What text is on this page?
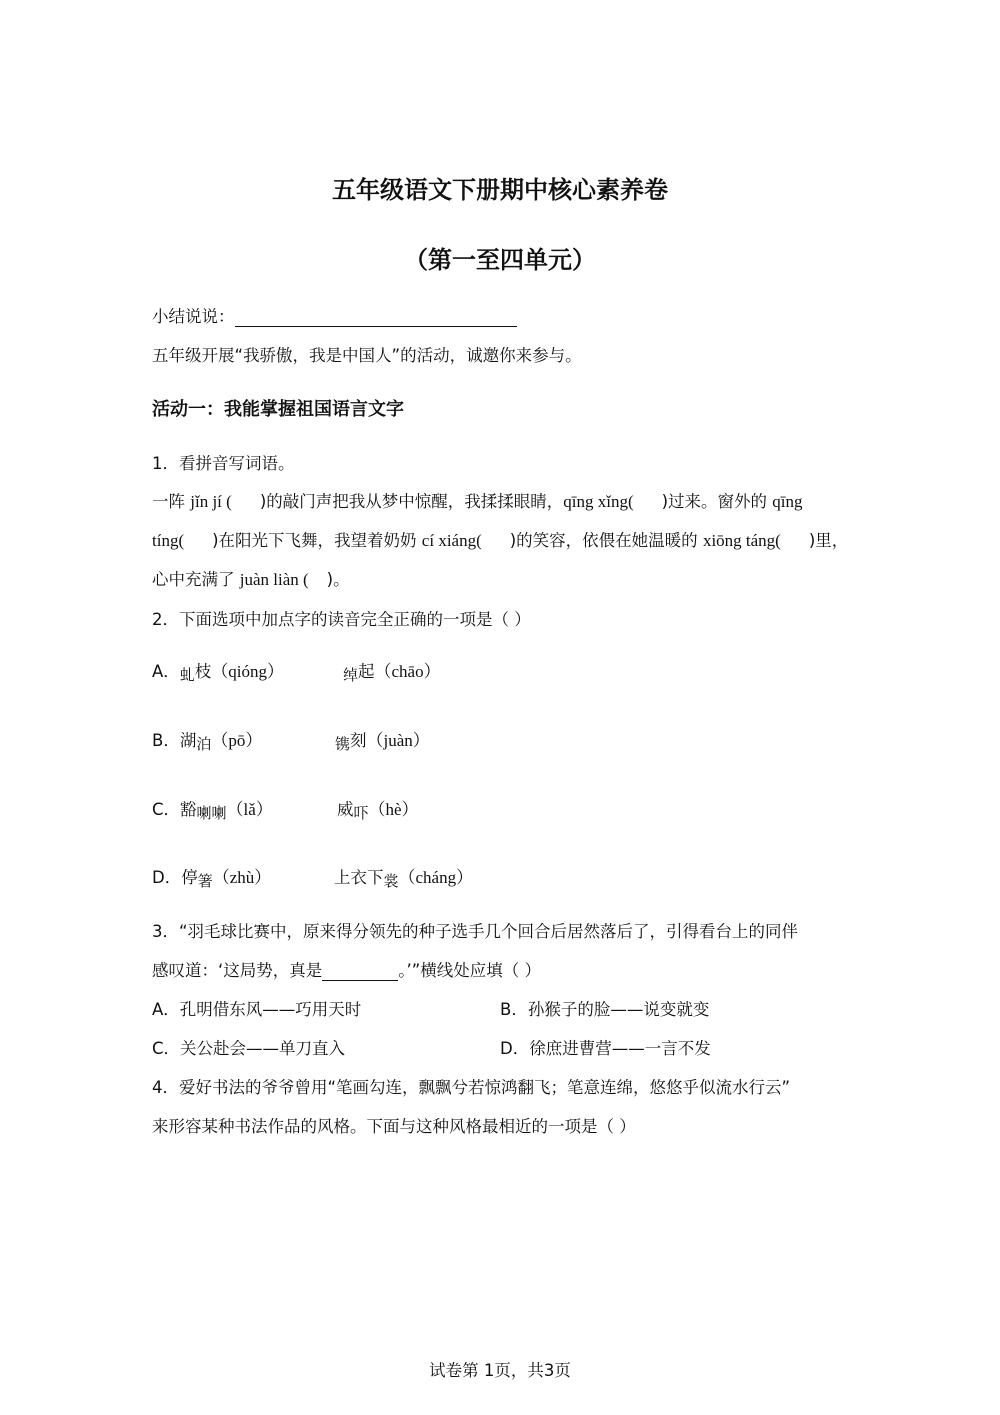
五年级语文下册期中核心素养卷
（第一至四单元）
小结说说：
五年级开展“我骄傲，我是中国人”的活动，诚邀你来参与。
活动一：我能掌握祖国语言文字
1．看拼音写词语。
一阵 jǐn jí ( )的敲门声把我从梦中惊醒，我揉揉眼睛，qīng xǐng( )过来。窗外的 qīng
tíng( )在阳光下飞舞，我望着奶奶 cí xiáng( )的笑容，依偎在她温暖的 xiōng táng( )里，
心中充满了 juàn liàn ( )。
2．下面选项中加点字的读音完全正确的一项是（ ）
A．虬枝（qióng）	绰起（chāo）
B．湖泊（pō）	镌刻（juàn）
C．豁喇喇（lǎ）	威吓（hè）
D．停箸（zhù）	上衣下裳（cháng）
3．“羽毛球比赛中，原来得分领先的种子选手几个回合后居然落后了，引得看台上的同伴
感叹道：‘这局势，真是	。’”横线处应填（ ）
A．孔明借东风——巧用天时	B．孙猴子的脸——说变就变
C．关公赴会——单刀直入	D．徐庶进曹营——一言不发
4．爱好书法的爷爷曾用“笔画勾连，飘飘兮若惊鸿翻飞；笔意连绵，悠悠乎似流水行云”
来形容某种书法作品的风格。下面与这种风格最相近的一项是（ ）
试卷第 1页，共3页
